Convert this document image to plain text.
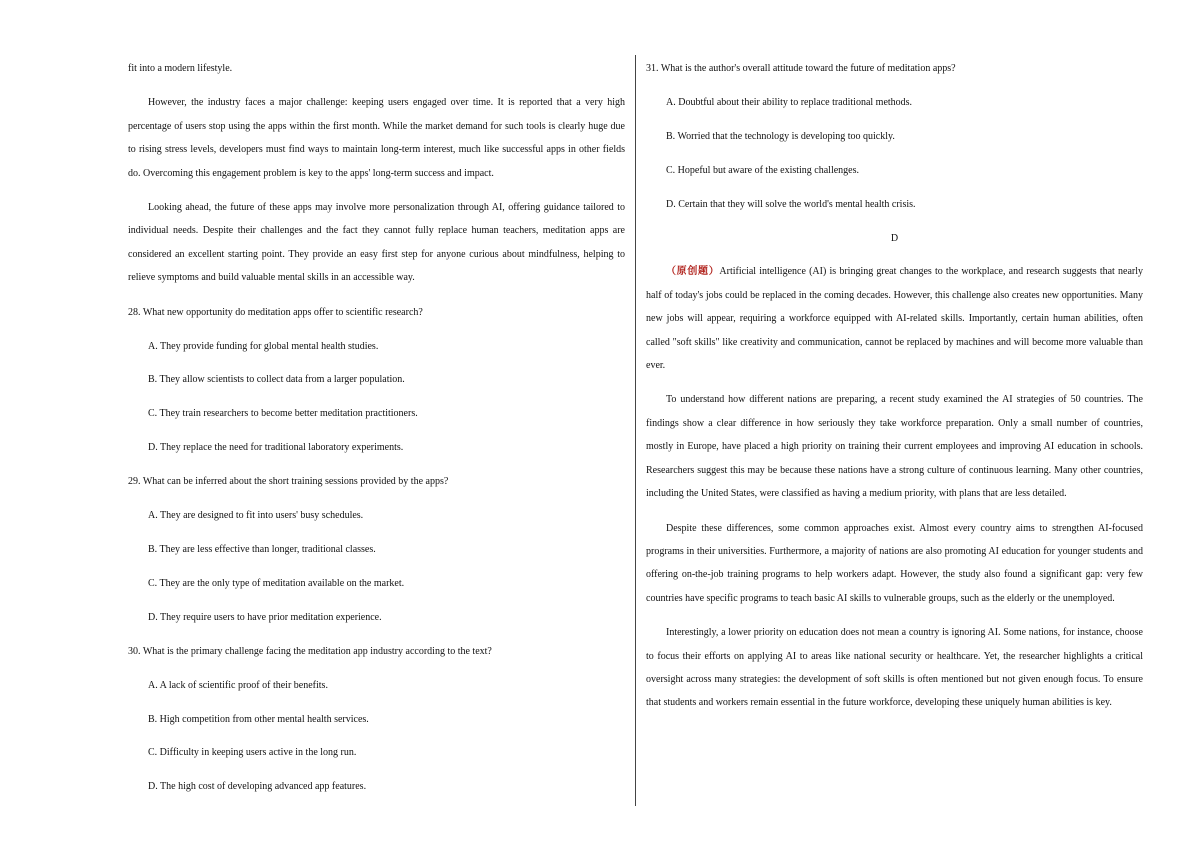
fit into a modern lifestyle.

However, the industry faces a major challenge: keeping users engaged over time. It is reported that a very high percentage of users stop using the apps within the first month. While the market demand for such tools is clearly huge due to rising stress levels, developers must find ways to maintain long-term interest, much like successful apps in other fields do. Overcoming this engagement problem is key to the apps' long-term success and impact.

Looking ahead, the future of these apps may involve more personalization through AI, offering guidance tailored to individual needs. Despite their challenges and the fact they cannot fully replace human teachers, meditation apps are considered an excellent starting point. They provide an easy first step for anyone curious about mindfulness, helping to relieve symptoms and build valuable mental skills in an accessible way.

28. What new opportunity do meditation apps offer to scientific research?
A. They provide funding for global mental health studies.
B. They allow scientists to collect data from a larger population.
C. They train researchers to become better meditation practitioners.
D. They replace the need for traditional laboratory experiments.
29. What can be inferred about the short training sessions provided by the apps?
A. They are designed to fit into users' busy schedules.
B. They are less effective than longer, traditional classes.
C. They are the only type of meditation available on the market.
D. They require users to have prior meditation experience.
30. What is the primary challenge facing the meditation app industry according to the text?
A. A lack of scientific proof of their benefits.
B. High competition from other mental health services.
C. Difficulty in keeping users active in the long run.
D. The high cost of developing advanced app features.
31. What is the author's overall attitude toward the future of meditation apps?
A. Doubtful about their ability to replace traditional methods.
B. Worried that the technology is developing too quickly.
C. Hopeful but aware of the existing challenges.
D. Certain that they will solve the world's mental health crisis.
D

（原创题）Artificial intelligence (AI) is bringing great changes to the workplace, and research suggests that nearly half of today's jobs could be replaced in the coming decades. However, this challenge also creates new opportunities. Many new jobs will appear, requiring a workforce equipped with AI-related skills. Importantly, certain human abilities, often called "soft skills" like creativity and communication, cannot be replaced by machines and will become more valuable than ever.

To understand how different nations are preparing, a recent study examined the AI strategies of 50 countries. The findings show a clear difference in how seriously they take workforce preparation. Only a small number of countries, mostly in Europe, have placed a high priority on training their current employees and improving AI education in schools. Researchers suggest this may be because these nations have a strong culture of continuous learning. Many other countries, including the United States, were classified as having a medium priority, with plans that are less detailed.

Despite these differences, some common approaches exist. Almost every country aims to strengthen AI-focused programs in their universities. Furthermore, a majority of nations are also promoting AI education for younger students and offering on-the-job training programs to help workers adapt. However, the study also found a significant gap: very few countries have specific programs to teach basic AI skills to vulnerable groups, such as the elderly or the unemployed.

Interestingly, a lower priority on education does not mean a country is ignoring AI. Some nations, for instance, choose to focus their efforts on applying AI to areas like national security or healthcare. Yet, the researcher highlights a critical oversight across many strategies: the development of soft skills is often mentioned but not given enough focus. To ensure that students and workers remain essential in the future workforce, developing these uniquely human abilities is key.
